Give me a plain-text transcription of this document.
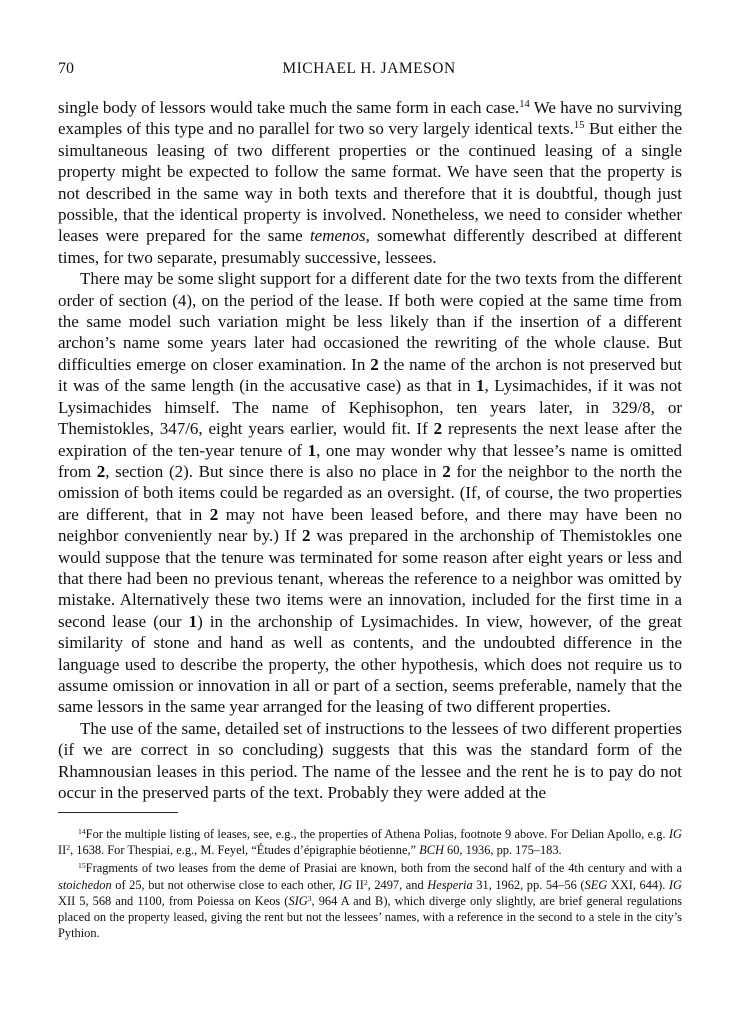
70	MICHAEL H. JAMESON

single body of lessors would take much the same form in each case.$^{14}$ We have no surviving examples of this type and no parallel for two so very largely identical texts.$^{15}$ But either the simultaneous leasing of two different properties or the continued leasing of a single property might be expected to follow the same format. We have seen that the property is not described in the same way in both texts and therefore that it is doubtful, though just possible, that the identical property is involved. Nonetheless, we need to consider whether leases were prepared for the same temenos, somewhat differently described at different times, for two separate, presumably successive, lessees.

There may be some slight support for a different date for the two texts from the different order of section (4), on the period of the lease. If both were copied at the same time from the same model such variation might be less likely than if the insertion of a different archon’s name some years later had occasioned the rewriting of the whole clause. But difficulties emerge on closer examination. In 2 the name of the archon is not preserved but it was of the same length (in the accusative case) as that in 1, Lysimachides, if it was not Lysimachides himself. The name of Kephisophon, ten years later, in 329/8, or Themistokles, 347/6, eight years earlier, would fit. If 2 represents the next lease after the expiration of the ten-year tenure of 1, one may wonder why that lessee’s name is omitted from 2, section (2). But since there is also no place in 2 for the neighbor to the north the omission of both items could be regarded as an oversight. (If, of course, the two properties are different, that in 2 may not have been leased before, and there may have been no neighbor conveniently near by.) If 2 was prepared in the archonship of Themistokles one would suppose that the tenure was terminated for some reason after eight years or less and that there had been no previous tenant, whereas the reference to a neighbor was omitted by mistake. Alternatively these two items were an innovation, included for the first time in a second lease (our 1) in the archonship of Lysimachides. In view, however, of the great similarity of stone and hand as well as contents, and the undoubted difference in the language used to describe the property, the other hypothesis, which does not require us to assume omission or innovation in all or part of a section, seems preferable, namely that the same lessors in the same year arranged for the leasing of two different properties.

The use of the same, detailed set of instructions to the lessees of two different properties (if we are correct in so concluding) suggests that this was the standard form of the Rhamnousian leases in this period. The name of the lessee and the rent he is to pay do not occur in the preserved parts of the text. Probably they were added at the

$^{14}$For the multiple listing of leases, see, e.g., the properties of Athena Polias, footnote 9 above. For Delian Apollo, e.g. IG $II^2$, 1638. For Thespiai, e.g., M. Feyel, “Études d’épigraphie béotienne,” BCH 60, 1936, pp. 175–183.

$^{15}$Fragments of two leases from the deme of Prasiai are known, both from the second half of the 4th century and with a stoichedon of 25, but not otherwise close to each other, IG $II^2$, 2497, and Hesperia 31, 1962, pp. 54–56 (SEG XXI, 644). IG XII 5, 568 and 1100, from Poiessa on Keos (SIG$^3$, 964 A and B), which diverge only slightly, are brief general regulations placed on the property leased, giving the rent but not the lessees’ names, with a reference in the second to a stele in the city’s Pythion.
